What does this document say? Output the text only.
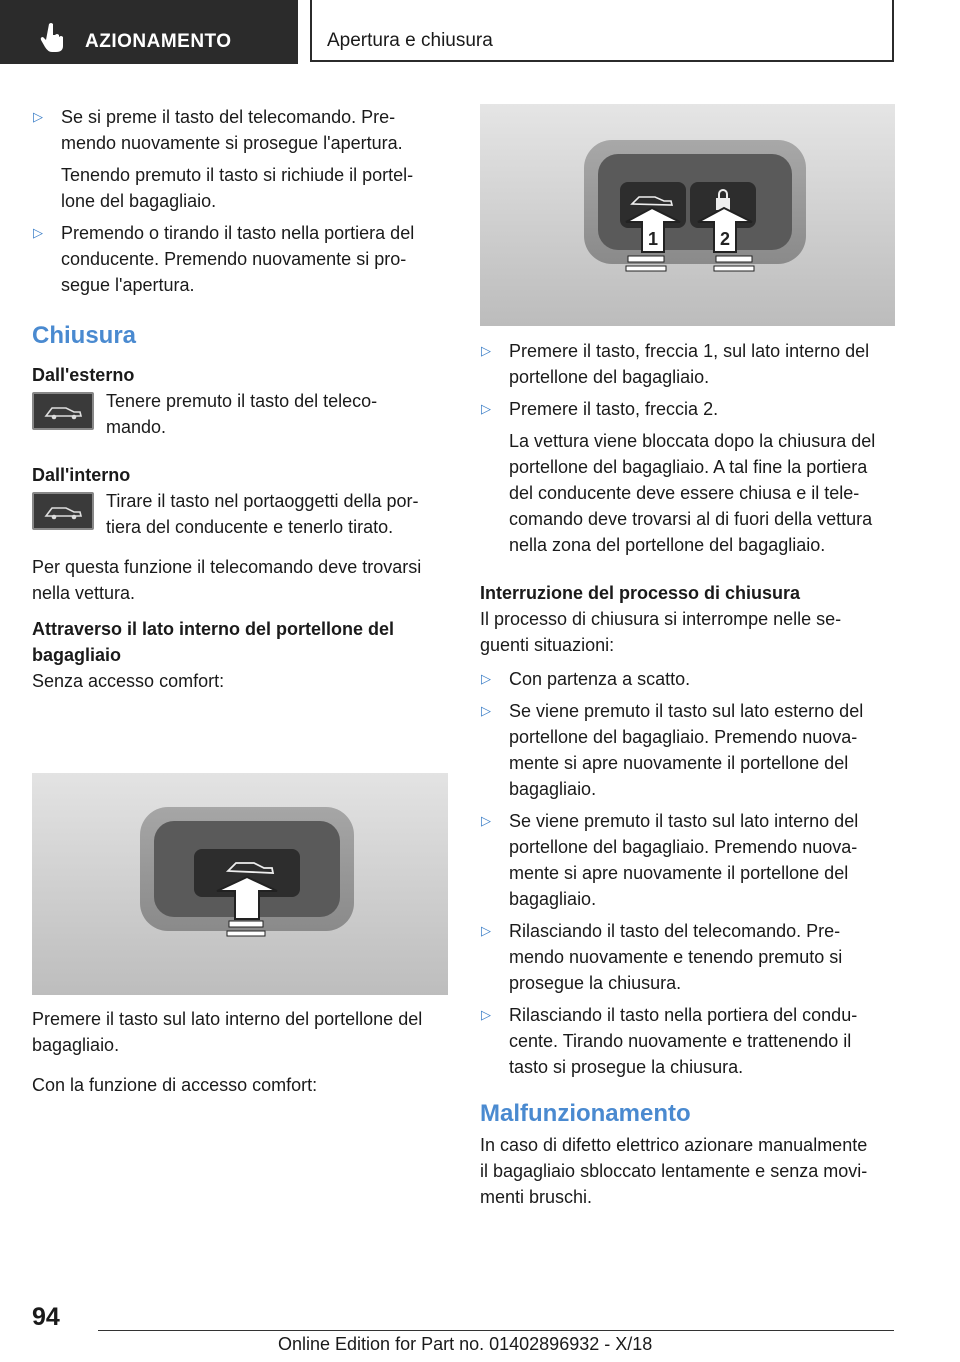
AZIONAMENTO	Apertura e chiusura
▷ Se si preme il tasto del telecomando. Pre-
mendo nuovamente si prosegue l'apertura.
Tenendo premuto il tasto si richiude il portel-
lone del bagagliaio.
▷ Premendo o tirando il tasto nella portiera del
conducente. Premendo nuovamente si pro-
segue l'apertura.
Chiusura
Dall'esterno
Tenere premuto il tasto del teleco-
mando.
Dall'interno
Tirare il tasto nel portaoggetti della por-
tiera del conducente e tenerlo tirato.
Per questa funzione il telecomando deve trovarsi
nella vettura.
Attraverso il lato interno del portellone del
bagagliaio
Senza accesso comfort:
Premere il tasto sul lato interno del portellone del
bagagliaio.
Con la funzione di accesso comfort:
1	2
▷ Premere il tasto, freccia 1, sul lato interno del
portellone del bagagliaio.
▷ Premere il tasto, freccia 2.
La vettura viene bloccata dopo la chiusura del
portellone del bagagliaio. A tal fine la portiera
del conducente deve essere chiusa e il tele-
comando deve trovarsi al di fuori della vettura
nella zona del portellone del bagagliaio.
Interruzione del processo di chiusura
Il processo di chiusura si interrompe nelle se-
guenti situazioni:
▷ Con partenza a scatto.
▷ Se viene premuto il tasto sul lato esterno del
portellone del bagagliaio. Premendo nuova-
mente si apre nuovamente il portellone del
bagagliaio.
▷ Se viene premuto il tasto sul lato interno del
portellone del bagagliaio. Premendo nuova-
mente si apre nuovamente il portellone del
bagagliaio.
▷ Rilasciando il tasto del telecomando. Pre-
mendo nuovamente e tenendo premuto si
prosegue la chiusura.
▷ Rilasciando il tasto nella portiera del condu-
cente. Tirando nuovamente e trattenendo il
tasto si prosegue la chiusura.
Malfunzionamento
In caso di difetto elettrico azionare manualmente
il bagagliaio sbloccato lentamente e senza movi-
menti bruschi.
94
Online Edition for Part no. 01402896932 - X/18
